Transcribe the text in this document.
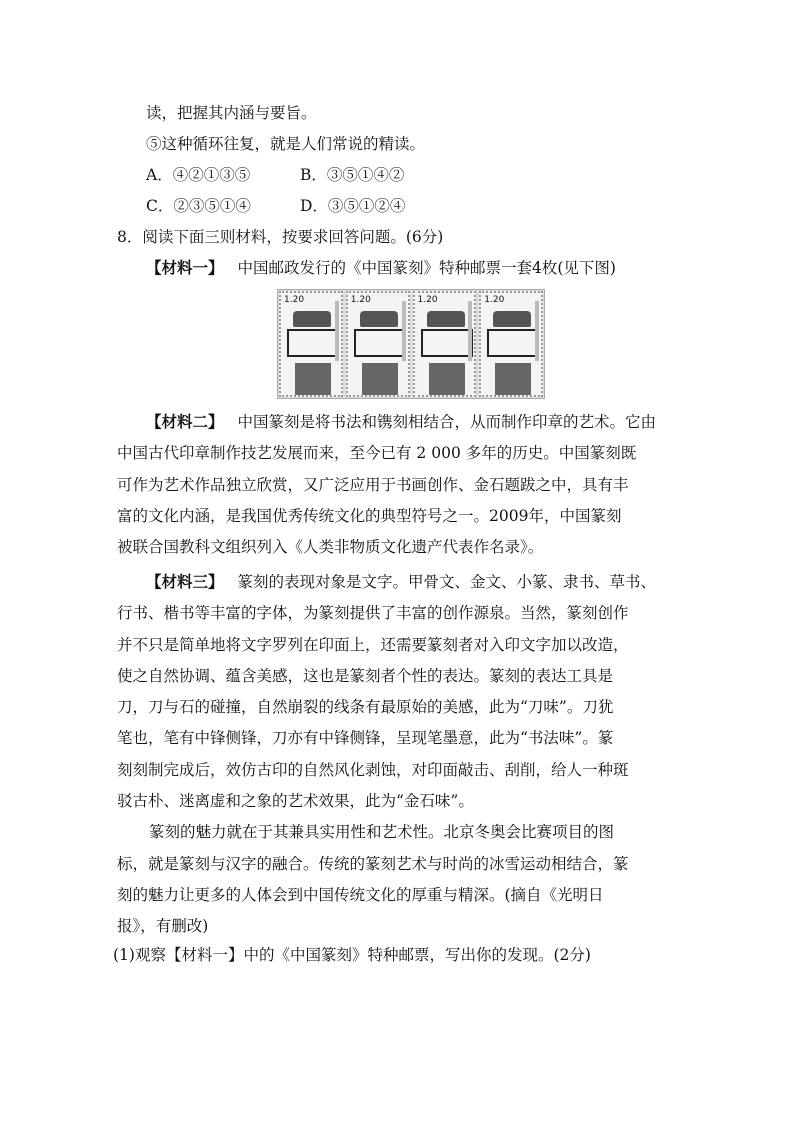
读，把握其内涵与要旨。
⑤这种循环往复，就是人们常说的精读。
A．④②①③⑤	B．③⑤①④②
C．②③⑤①④	D．③⑤①②④
8．阅读下面三则材料，按要求回答问题。(6分)
【材料一】 中国邮政发行的《中国篆刻》特种邮票一套4枚(见下图)
1.20	1.20	1.20	1.20

【材料二】 中国篆刻是将书法和镌刻相结合，从而制作印章的艺术。它由

中国古代印章制作技艺发展而来，至今已有 2 000 多年的历史。中国篆刻既

可作为艺术作品独立欣赏，又广泛应用于书画创作、金石题跋之中，具有丰

富的文化内涵，是我国优秀传统文化的典型符号之一。2009年，中国篆刻

被联合国教科文组织列入《人类非物质文化遗产代表作名录》。

【材料三】 篆刻的表现对象是文字。甲骨文、金文、小篆、隶书、草书、

行书、楷书等丰富的字体，为篆刻提供了丰富的创作源泉。当然，篆刻创作

并不只是简单地将文字罗列在印面上，还需要篆刻者对入印文字加以改造，

使之自然协调、蕴含美感，这也是篆刻者个性的表达。篆刻的表达工具是

刀，刀与石的碰撞，自然崩裂的线条有最原始的美感，此为“刀味”。刀犹

笔也，笔有中锋侧锋，刀亦有中锋侧锋，呈现笔墨意，此为“书法味”。篆

刻刻制完成后，效仿古印的自然风化剥蚀，对印面敲击、刮削，给人一种斑

驳古朴、迷离虚和之象的艺术效果，此为“金石味”。

篆刻的魅力就在于其兼具实用性和艺术性。北京冬奥会比赛项目的图

标，就是篆刻与汉字的融合。传统的篆刻艺术与时尚的冰雪运动相结合，篆

刻的魅力让更多的人体会到中国传统文化的厚重与精深。(摘自《光明日

报》，有删改)

(1)观察【材料一】中的《中国篆刻》特种邮票，写出你的发现。(2分)
